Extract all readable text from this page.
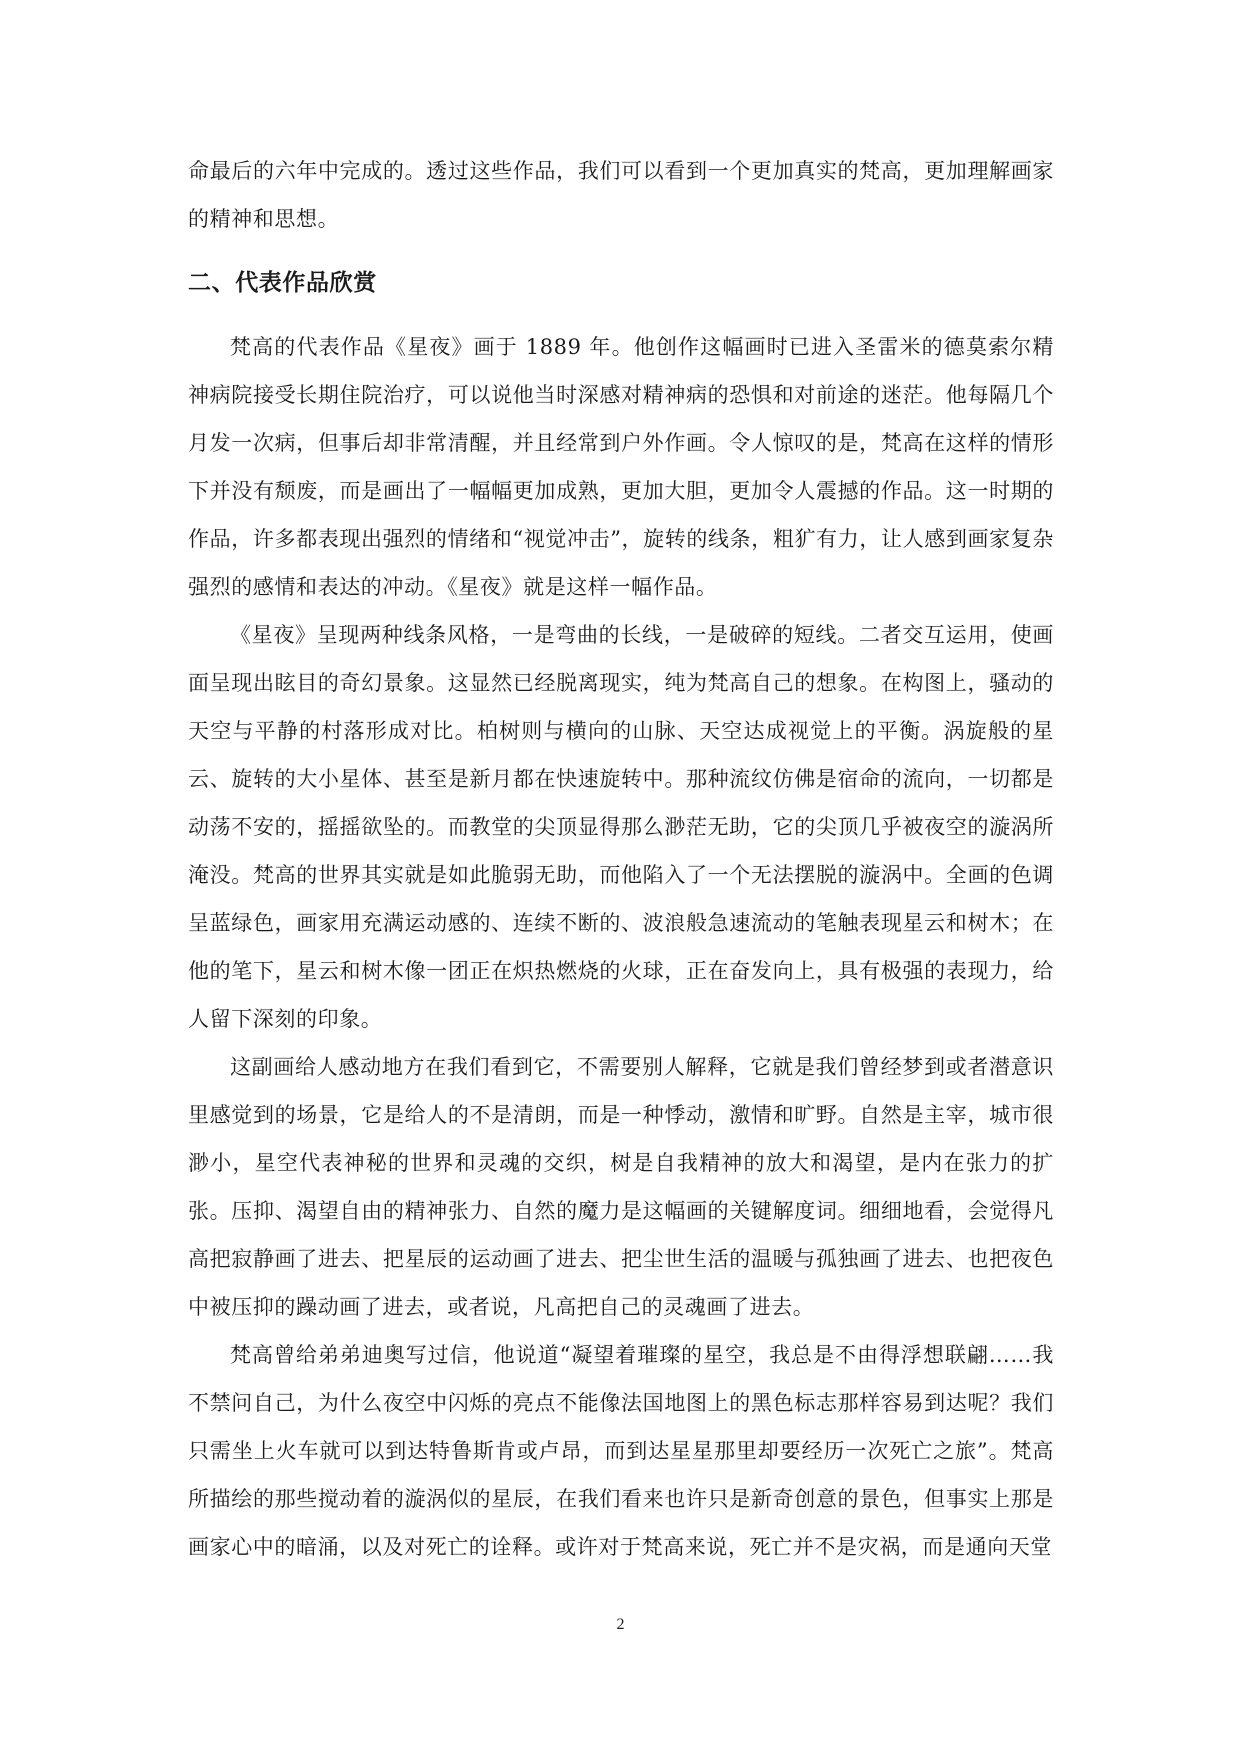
命最后的六年中完成的。透过这些作品，我们可以看到一个更加真实的梵高，更加理解画家的精神和思想。

二、代表作品欣赏

梵高的代表作品《星夜》画于 1889 年。他创作这幅画时已进入圣雷米的德莫索尔精神病院接受长期住院治疗，可以说他当时深感对精神病的恐惧和对前途的迷茫。他每隔几个月发一次病，但事后却非常清醒，并且经常到户外作画。令人惊叹的是，梵高在这样的情形下并没有颓废，而是画出了一幅幅更加成熟，更加大胆，更加令人震撼的作品。这一时期的作品，许多都表现出强烈的情绪和“视觉冲击”，旋转的线条，粗犷有力，让人感到画家复杂强烈的感情和表达的冲动。《星夜》就是这样一幅作品。

《星夜》呈现两种线条风格，一是弯曲的长线，一是破碎的短线。二者交互运用，使画面呈现出眩目的奇幻景象。这显然已经脱离现实，纯为梵高自己的想象。在构图上，骚动的天空与平静的村落形成对比。柏树则与横向的山脉、天空达成视觉上的平衡。涡旋般的星云、旋转的大小星体、甚至是新月都在快速旋转中。那种流纹仿佛是宿命的流向，一切都是动荡不安的，摇摇欲坠的。而教堂的尖顶显得那么渺茫无助，它的尖顶几乎被夜空的漩涡所淹没。梵高的世界其实就是如此脆弱无助，而他陷入了一个无法摆脱的漩涡中。全画的色调呈蓝绿色，画家用充满运动感的、连续不断的、波浪般急速流动的笔触表现星云和树木；在他的笔下，星云和树木像一团正在炽热燃烧的火球，正在奋发向上，具有极强的表现力，给人留下深刻的印象。

这副画给人感动地方在我们看到它，不需要别人解释，它就是我们曾经梦到或者潜意识里感觉到的场景，它是给人的不是清朗，而是一种悸动，激情和旷野。自然是主宰，城市很渺小，星空代表神秘的世界和灵魂的交织，树是自我精神的放大和渴望，是内在张力的扩张。压抑、渴望自由的精神张力、自然的魔力是这幅画的关键解度词。细细地看，会觉得凡高把寂静画了进去、把星辰的运动画了进去、把尘世生活的温暖与孤独画了进去、也把夜色中被压抑的躁动画了进去，或者说，凡高把自己的灵魂画了进去。

梵高曾给弟弟迪奥写过信，他说道“凝望着璀璨的星空，我总是不由得浮想联翩……我不禁问自己，为什么夜空中闪烁的亮点不能像法国地图上的黑色标志那样容易到达呢？我们只需坐上火车就可以到达特鲁斯肯或卢昂，而到达星星那里却要经历一次死亡之旅”。梵高所描绘的那些搅动着的漩涡似的星辰，在我们看来也许只是新奇创意的景色，但事实上那是画家心中的暗涌，以及对死亡的诠释。或许对于梵高来说，死亡并不是灾祸，而是通向天堂

2
